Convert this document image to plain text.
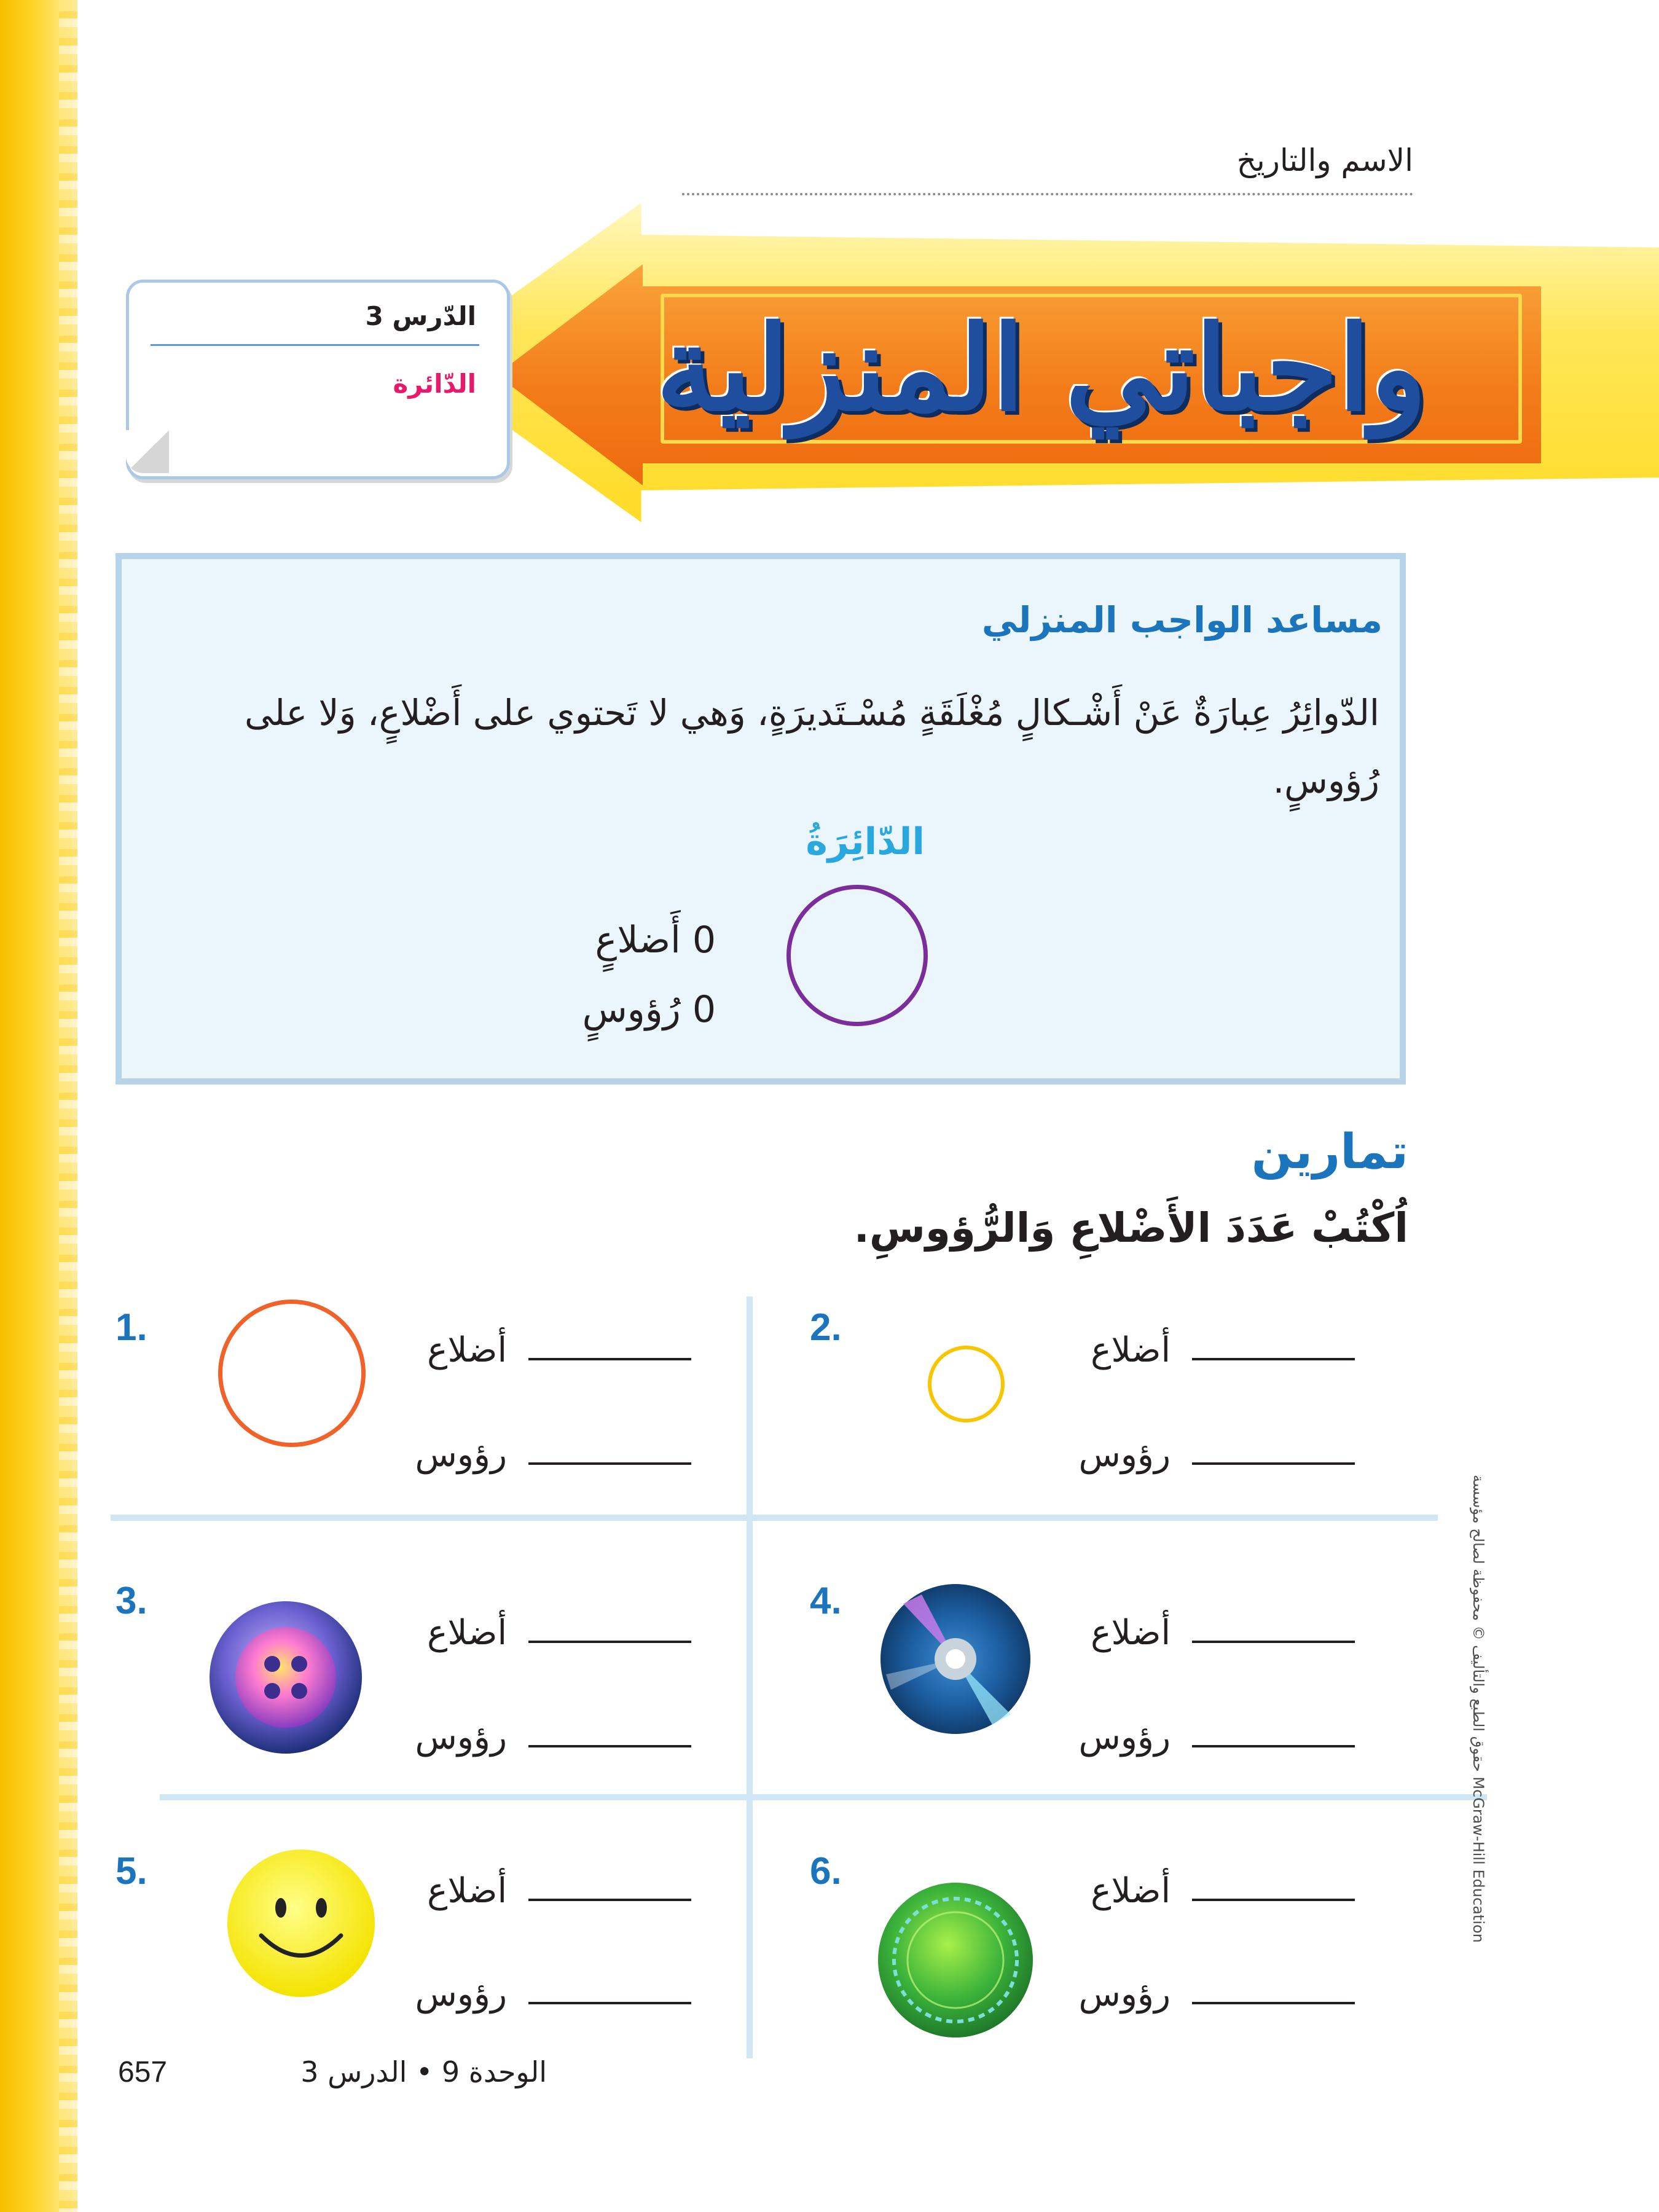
الاسم والتاريخ
واجباتي المنزلية
الدّرس 3
الدّائرة
مساعد الواجب المنزلي
الدّوائِرُ عِبارَةٌ عَنْ أَشْـكالٍ مُغْلَقَةٍ مُسْـتَديرَةٍ، وَهي لا تَحتوي على أَضْلاعٍ، وَلا على رُؤوسٍ.
الدّائِرَةُ
0 أَضلاعٍ
0 رُؤوسٍ
تمارين
اُكْتُبْ عَدَدَ الأَضْلاعِ وَالرُّؤوسِ.
1.
أضلاع
رؤوس
2.
أضلاع
رؤوس
3.
أضلاع
رؤوس
4.
أضلاع
رؤوس
5.	أضلاع
رؤوس
6.	أضلاع
رؤوس
حقوق الطبع والتأليف © محفوظة لصالح مؤسسة McGraw-Hill Education
الوحدة 9 • الدرس 3
657
